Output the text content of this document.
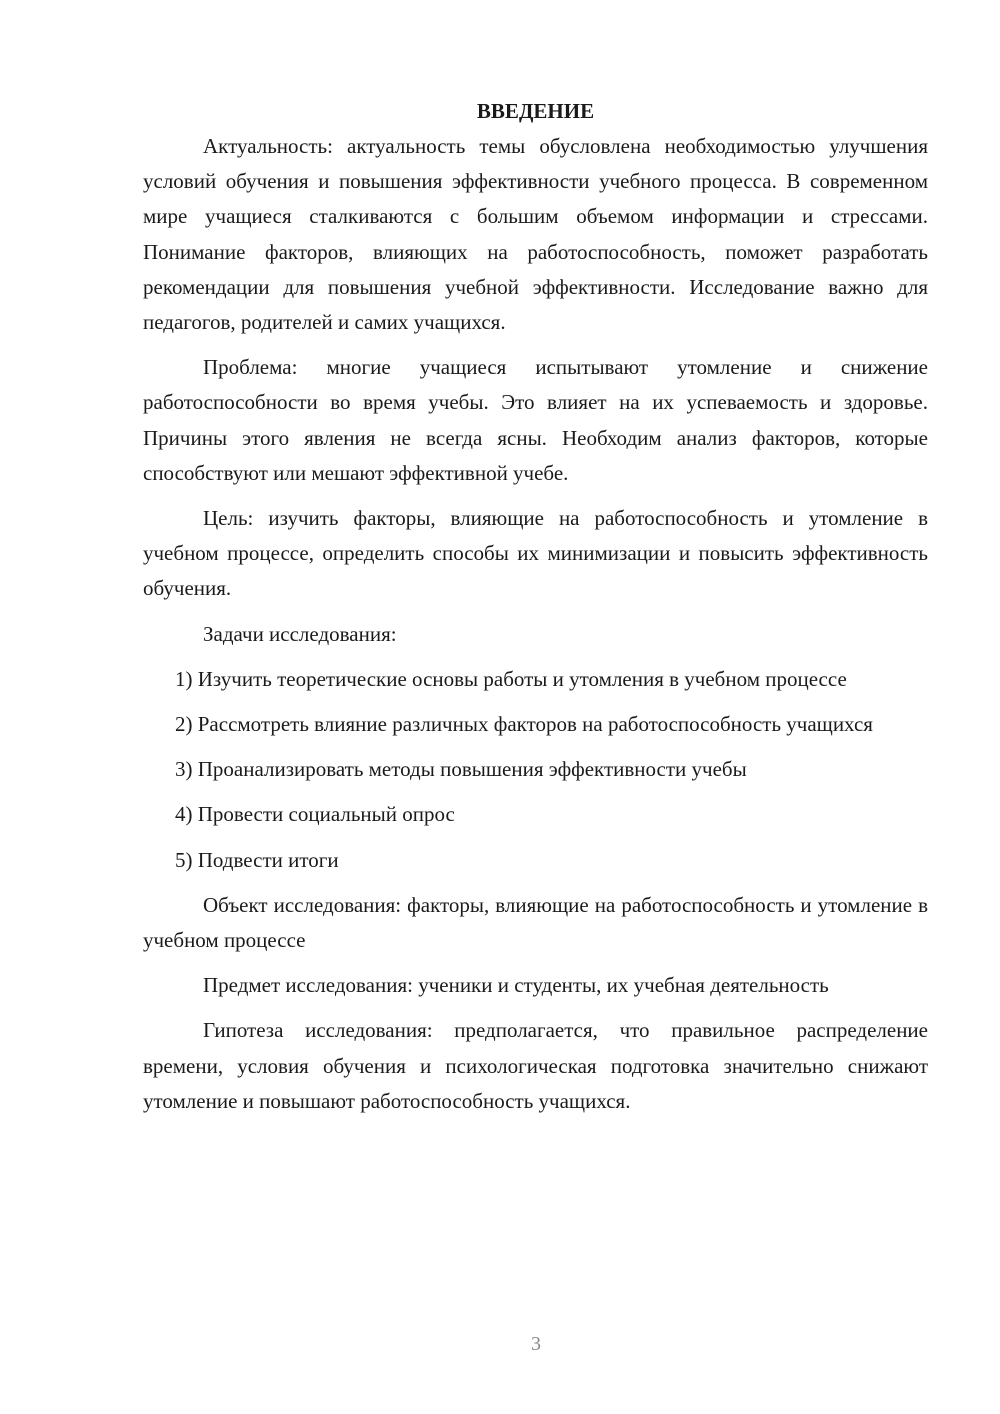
ВВЕДЕНИЕ

Актуальность: актуальность темы обусловлена необходимостью улучшения условий обучения и повышения эффективности учебного процесса. В современном мире учащиеся сталкиваются с большим объемом информации и стрессами. Понимание факторов, влияющих на работоспособность, поможет разработать рекомендации для повышения учебной эффективности. Исследование важно для педагогов, родителей и самих учащихся.

Проблема: многие учащиеся испытывают утомление и снижение работоспособности во время учебы. Это влияет на их успеваемость и здоровье. Причины этого явления не всегда ясны. Необходим анализ факторов, которые способствуют или мешают эффективной учебе.

Цель: изучить факторы, влияющие на работоспособность и утомление в учебном процессе, определить способы их минимизации и повысить эффективность обучения.

Задачи исследования:

1) Изучить теоретические основы работы и утомления в учебном процессе

2) Рассмотреть влияние различных факторов на работоспособность учащихся

3) Проанализировать методы повышения эффективности учебы

4) Провести социальный опрос

5) Подвести итоги

Объект исследования: факторы, влияющие на работоспособность и утомление в учебном процессе

Предмет исследования: ученики и студенты, их учебная деятельность

Гипотеза исследования: предполагается, что правильное распределение времени, условия обучения и психологическая подготовка значительно снижают утомление и повышают работоспособность учащихся.

3
